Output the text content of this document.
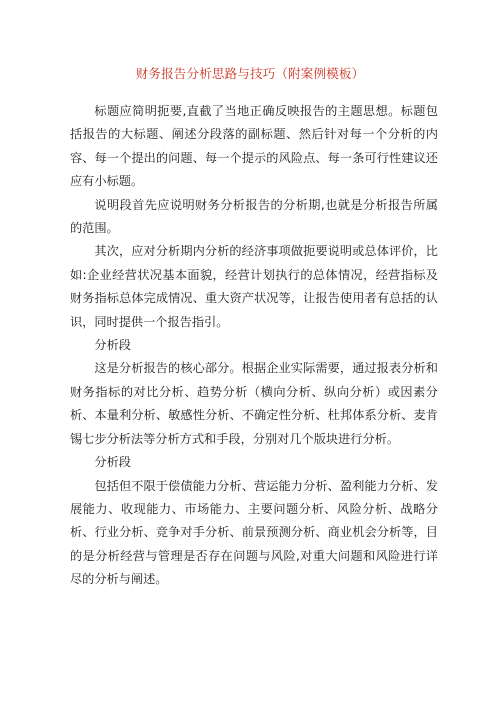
财务报告分析思路与技巧（附案例模板）

标题应简明扼要,直截了当地正确反映报告的主题思想。标题包括报告的大标题、阐述分段落的副标题、然后针对每一个分析的内容、每一个提出的问题、每一个提示的风险点、每一条可行性建议还应有小标题。

说明段首先应说明财务分析报告的分析期,也就是分析报告所属的范围。

其次，应对分析期内分析的经济事项做扼要说明或总体评价，比如:企业经营状况基本面貌，经营计划执行的总体情况，经营指标及财务指标总体完成情况、重大资产状况等，让报告使用者有总括的认识，同时提供一个报告指引。

分析段

这是分析报告的核心部分。根据企业实际需要，通过报表分析和财务指标的对比分析、趋势分析（横向分析、纵向分析）或因素分析、本量利分析、敏感性分析、不确定性分析、杜邦体系分析、麦肯锡七步分析法等分析方式和手段，分别对几个版块进行分析。

分析段

包括但不限于偿债能力分析、营运能力分析、盈利能力分析、发展能力、收现能力、市场能力、主要问题分析、风险分析、战略分析、行业分析、竞争对手分析、前景预测分析、商业机会分析等，目的是分析经营与管理是否存在问题与风险,对重大问题和风险进行详尽的分析与阐述。
